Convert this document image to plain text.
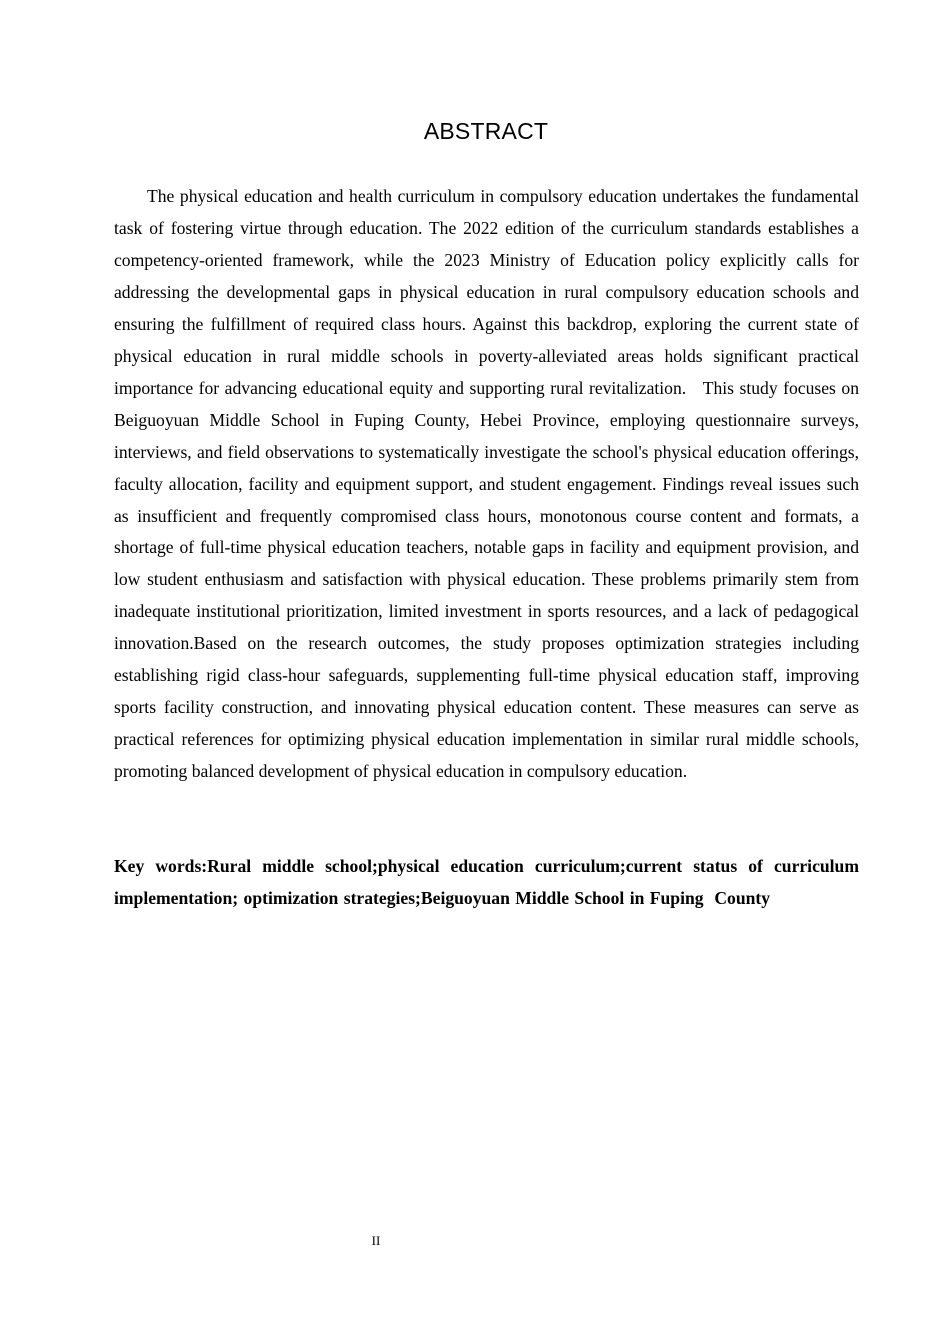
ABSTRACT

The physical education and health curriculum in compulsory education undertakes the fundamental task of fostering virtue through education. The 2022 edition of the curriculum standards establishes a competency-oriented framework, while the 2023 Ministry of Education policy explicitly calls for addressing the developmental gaps in physical education in rural compulsory education schools and ensuring the fulfillment of required class hours. Against this backdrop, exploring the current state of physical education in rural middle schools in poverty-alleviated areas holds significant practical importance for advancing educational equity and supporting rural revitalization.   This study focuses on Beiguoyuan Middle School in Fuping County, Hebei Province, employing questionnaire surveys, interviews, and field observations to systematically investigate the school's physical education offerings, faculty allocation, facility and equipment support, and student engagement. Findings reveal issues such as insufficient and frequently compromised class hours, monotonous course content and formats, a shortage of full-time physical education teachers, notable gaps in facility and equipment provision, and low student enthusiasm and satisfaction with physical education. These problems primarily stem from inadequate institutional prioritization, limited investment in sports resources, and a lack of pedagogical innovation.Based on the research outcomes, the study proposes optimization strategies including establishing rigid class-hour safeguards, supplementing full-time physical education staff, improving sports facility construction, and innovating physical education content. These measures can serve as practical references for optimizing physical education implementation in similar rural middle schools, promoting balanced development of physical education in compulsory education.

Key words:Rural middle school;physical education curriculum;current status of curriculum implementation; optimization strategies;Beiguoyuan Middle School in Fuping  County

II
